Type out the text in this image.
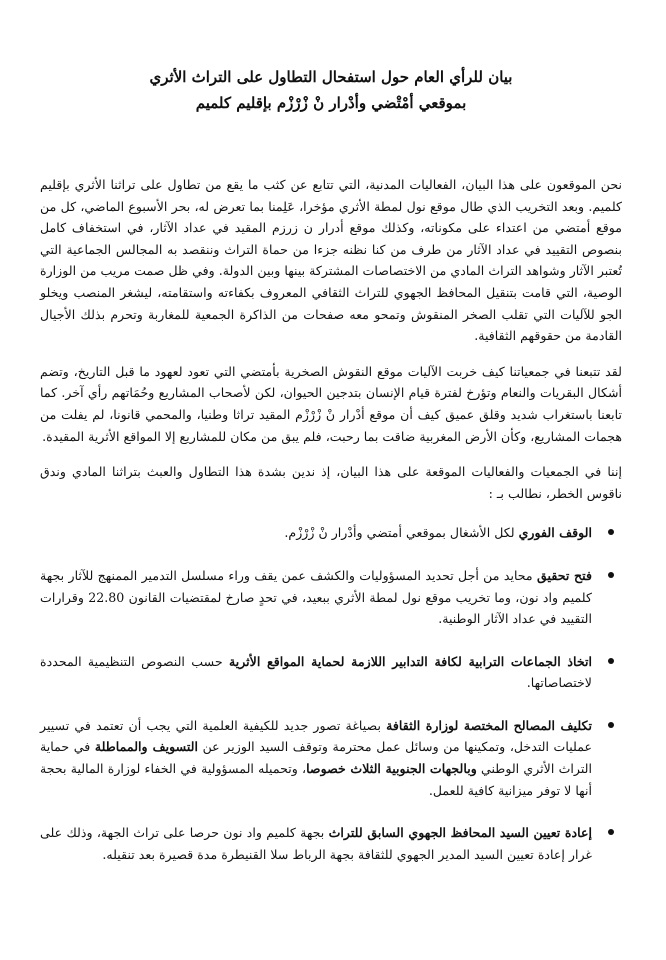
بيان للرأي العام حول استفحال التطاول على التراث الأثري

بموقعي أمْتْضي وأدْرار نْ زْرْزْم بإقليم كلميم

نحن الموقعون على هذا البيان، الفعاليات المدنية، التي تتابع عن كثب ما يقع من تطاول على تراثنا الأثري بإقليم كلميم. وبعد التخريب الذي طال موقع نول لمطة الأثري مؤخرا، عَلِمنا بما تعرض له، بحر الأسبوع الماضي، كل من موقع أمتضي من اعتداء على مكوناته، وكذلك موقع أدرار ن زرزم المقيد في عداد الآثار، في استخفاف كامل بنصوص التقييد في عداد الآثار من طرف من كنا نظنه جزءا من حماة التراث وننقصد به المجالس الجماعية التي تُعتبر الآثار وشواهد التراث المادي من الاختصاصات المشتركة بينها وبين الدولة. وفي ظل صمت مريب من الوزارة الوصية، التي قامت بتنقيل المحافظ الجهوي للتراث الثقافي المعروف بكفاءته واستقامته، ليشغر المنصب ويخلو الجو للآليات التي تقلب الصخر المنقوش وتمحو معه صفحات من الذاكرة الجمعية للمغاربة وتحرم بذلك الأجيال القادمة من حقوقهم الثقافية.

لقد تتبعنا في جمعياتنا كيف خربت الآليات موقع النقوش الصخرية بأمتضي التي تعود لعهود ما قبل التاريخ، وتضم أشكال البقريات والنعام وتؤرخ لفترة قيام الإنسان بتدجين الحيوان، لكن لأصحاب المشاريع وحُمَاتهم رأي آخر. كما تابعنا باستغراب شديد وقلق عميق كيف أن موقع أدْرار نْ زْرْزْم المقيد تراثا وطنيا، والمحمي قانونا، لم يفلت من هجمات المشاريع، وكأن الأرض المغربية ضاقت بما رحبت، فلم يبق من مكان للمشاريع إلا المواقع الأثرية المقيدة.

إننا في الجمعيات والفعاليات الموقعة على هذا البيان، إذ ندين بشدة هذا التطاول والعبث بتراثنا المادي وندق ناقوس الخطر، نطالب بـ :

الوقف الفوري لكل الأشغال بموقعي أمتضي وأدْرار نْ زْرْزْم.
فتح تحقيق محايد من أجل تحديد المسؤوليات والكشف عمن يقف وراء مسلسل التدمير الممنهج للآثار بجهة كلميم واد نون، وما تخريب موقع نول لمطة الأثري ببعيد، في تحدٍ صارخ لمقتضيات القانون 22.80 وقرارات التقييد في عداد الآثار الوطنية.
اتخاذ الجماعات الترابية لكافة التدابير اللازمة لحماية المواقع الأثرية حسب النصوص التنظيمية المحددة لاختصاصاتها.
تكليف المصالح المختصة لوزارة الثقافة بصياغة تصور جديد للكيفية العلمية التي يجب أن تعتمد في تسيير عمليات التدخل، وتمكينها من وسائل عمل محترمة وتوقف السيد الوزير عن التسويف والمماطلة في حماية التراث الأثري الوطني وبالجهات الجنوبية الثلاث خصوصا، وتحميله المسؤولية في الخفاء لوزارة المالية بحجة أنها لا توفر ميزانية كافية للعمل.
إعادة تعيين السيد المحافظ الجهوي السابق للتراث بجهة كلميم واد نون حرصا على تراث الجهة، وذلك على غرار إعادة تعيين السيد المدير الجهوي للثقافة بجهة الرباط سلا القنيطرة مدة قصيرة بعد تنقيله.
